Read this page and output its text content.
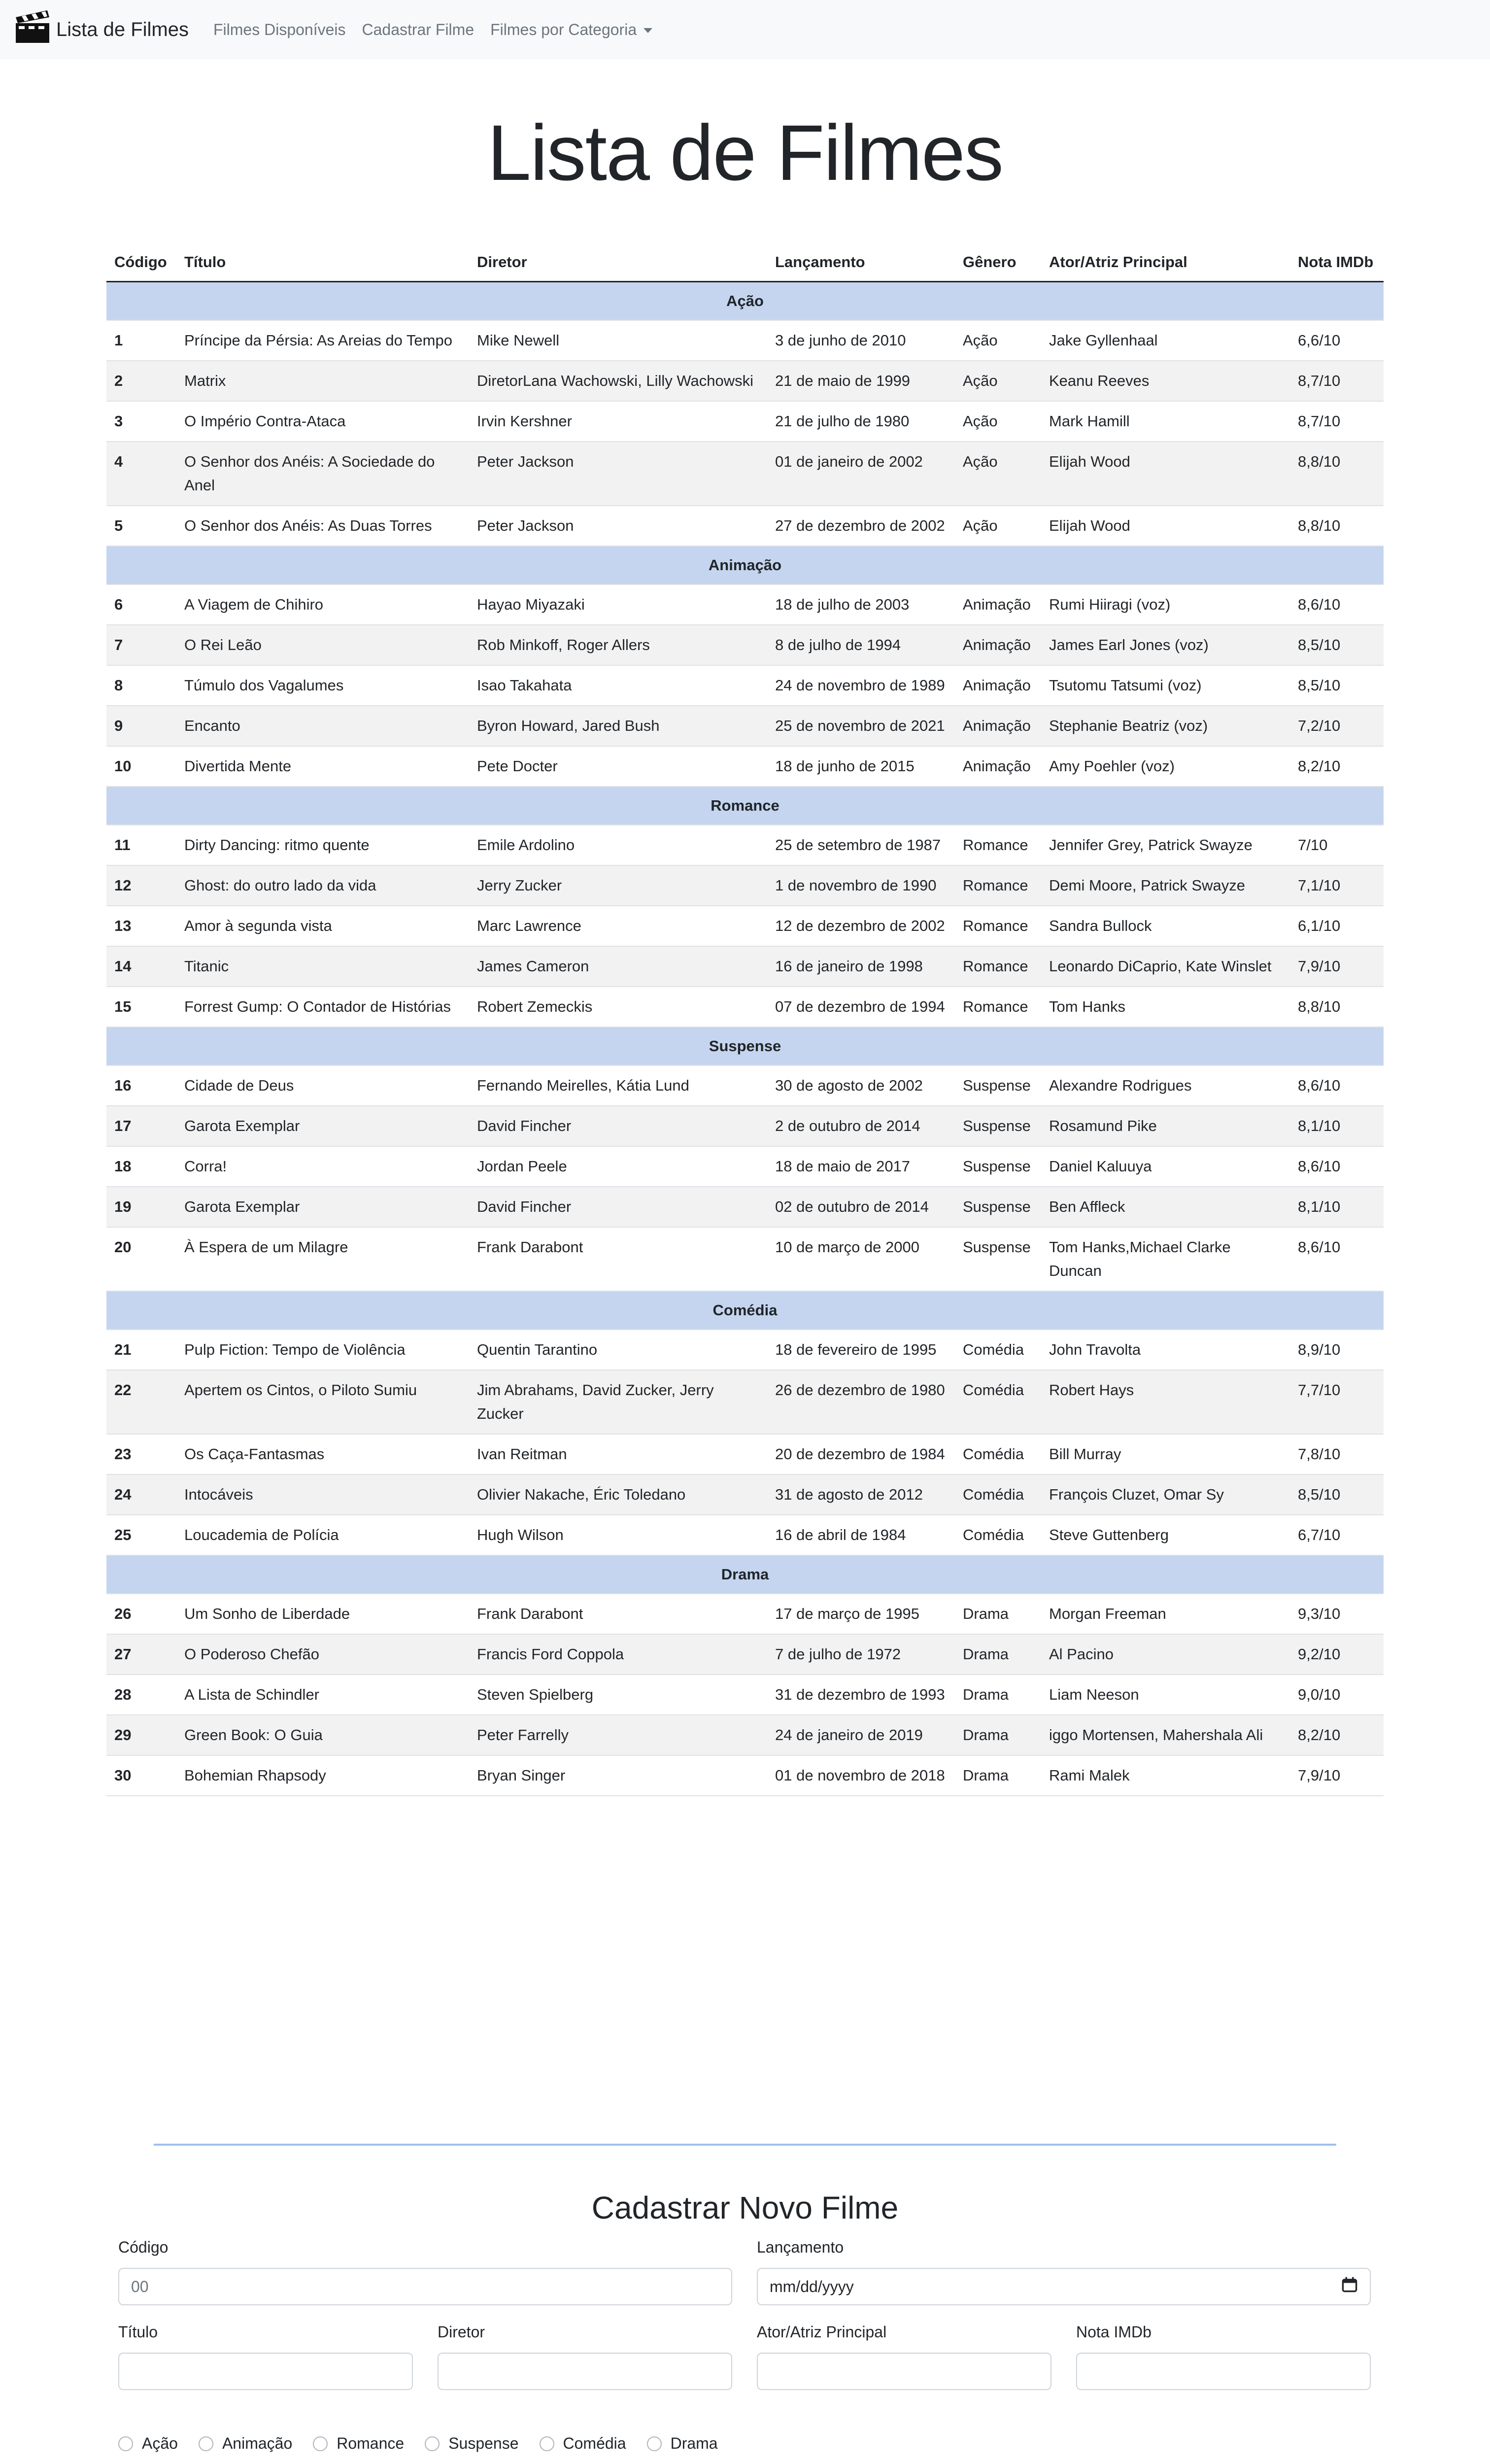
Lista de Filmes Filmes Disponíveis Cadastrar Filme Filmes por Categoria
Lista de Filmes
Código	Título	Diretor	Lançamento	Gênero	Ator/Atriz Principal	Nota IMDb
Ação						
1	Príncipe da Pérsia: As Areias do Tempo	Mike Newell	3 de junho de 2010	Ação	Jake Gyllenhaal	6,6/10
2	Matrix	DiretorLana Wachowski, Lilly Wachowski	21 de maio de 1999	Ação	Keanu Reeves	8,7/10
3	O Império Contra-Ataca	Irvin Kershner	21 de julho de 1980	Ação	Mark Hamill	8,7/10
4	O Senhor dos Anéis: A Sociedade do Anel	Peter Jackson	01 de janeiro de 2002	Ação	Elijah Wood	8,8/10
5	O Senhor dos Anéis: As Duas Torres	Peter Jackson	27 de dezembro de 2002	Ação	Elijah Wood	8,8/10
Animação						
6	A Viagem de Chihiro	Hayao Miyazaki	18 de julho de 2003	Animação	Rumi Hiiragi (voz)	8,6/10
7	O Rei Leão	Rob Minkoff, Roger Allers	8 de julho de 1994	Animação	James Earl Jones (voz)	8,5/10
8	Túmulo dos Vagalumes	Isao Takahata	24 de novembro de 1989	Animação	Tsutomu Tatsumi (voz)	8,5/10
9	Encanto	Byron Howard, Jared Bush	25 de novembro de 2021	Animação	Stephanie Beatriz (voz)	7,2/10
10	Divertida Mente	Pete Docter	18 de junho de 2015	Animação	Amy Poehler (voz)	8,2/10
Romance						
11	Dirty Dancing: ritmo quente	Emile Ardolino	25 de setembro de 1987	Romance	Jennifer Grey, Patrick Swayze	7/10
12	Ghost: do outro lado da vida	Jerry Zucker	1 de novembro de 1990	Romance	Demi Moore, Patrick Swayze	7,1/10
13	Amor à segunda vista	Marc Lawrence	12 de dezembro de 2002	Romance	Sandra Bullock	6,1/10
14	Titanic	James Cameron	16 de janeiro de 1998	Romance	Leonardo DiCaprio, Kate Winslet	7,9/10
15	Forrest Gump: O Contador de Histórias	Robert Zemeckis	07 de dezembro de 1994	Romance	Tom Hanks	8,8/10
Suspense						
16	Cidade de Deus	Fernando Meirelles, Kátia Lund	30 de agosto de 2002	Suspense	Alexandre Rodrigues	8,6/10
17	Garota Exemplar	David Fincher	2 de outubro de 2014	Suspense	Rosamund Pike	8,1/10
18	Corra!	Jordan Peele	18 de maio de 2017	Suspense	Daniel Kaluuya	8,6/10
19	Garota Exemplar	David Fincher	02 de outubro de 2014	Suspense	Ben Affleck	8,1/10
20	À Espera de um Milagre	Frank Darabont	10 de março de 2000	Suspense	Tom Hanks,Michael Clarke Duncan	8,6/10
Comédia						
21	Pulp Fiction: Tempo de Violência	Quentin Tarantino	18 de fevereiro de 1995	Comédia	John Travolta	8,9/10
22	Apertem os Cintos, o Piloto Sumiu	Jim Abrahams, David Zucker, Jerry Zucker	26 de dezembro de 1980	Comédia	Robert Hays	7,7/10
23	Os Caça-Fantasmas	Ivan Reitman	20 de dezembro de 1984	Comédia	Bill Murray	7,8/10
24	Intocáveis	Olivier Nakache, Éric Toledano	31 de agosto de 2012	Comédia	François Cluzet, Omar Sy	8,5/10
25	Loucademia de Polícia	Hugh Wilson	16 de abril de 1984	Comédia	Steve Guttenberg	6,7/10
Drama						
26	Um Sonho de Liberdade	Frank Darabont	17 de março de 1995	Drama	Morgan Freeman	9,3/10
27	O Poderoso Chefão	Francis Ford Coppola	7 de julho de 1972	Drama	Al Pacino	9,2/10
28	A Lista de Schindler	Steven Spielberg	31 de dezembro de 1993	Drama	Liam Neeson	9,0/10
29	Green Book: O Guia	Peter Farrelly	24 de janeiro de 2019	Drama	iggo Mortensen, Mahershala Ali	8,2/10
30	Bohemian Rhapsody	Bryan Singer	01 de novembro de 2018	Drama	Rami Malek	7,9/10
Cadastrar Novo Filme
Código
00
Lançamento
mm/dd/yyyy
Título	Diretor	Ator/Atriz Principal	Nota IMDb
Ação	Animação	Romance	Suspense	Comédia	Drama
